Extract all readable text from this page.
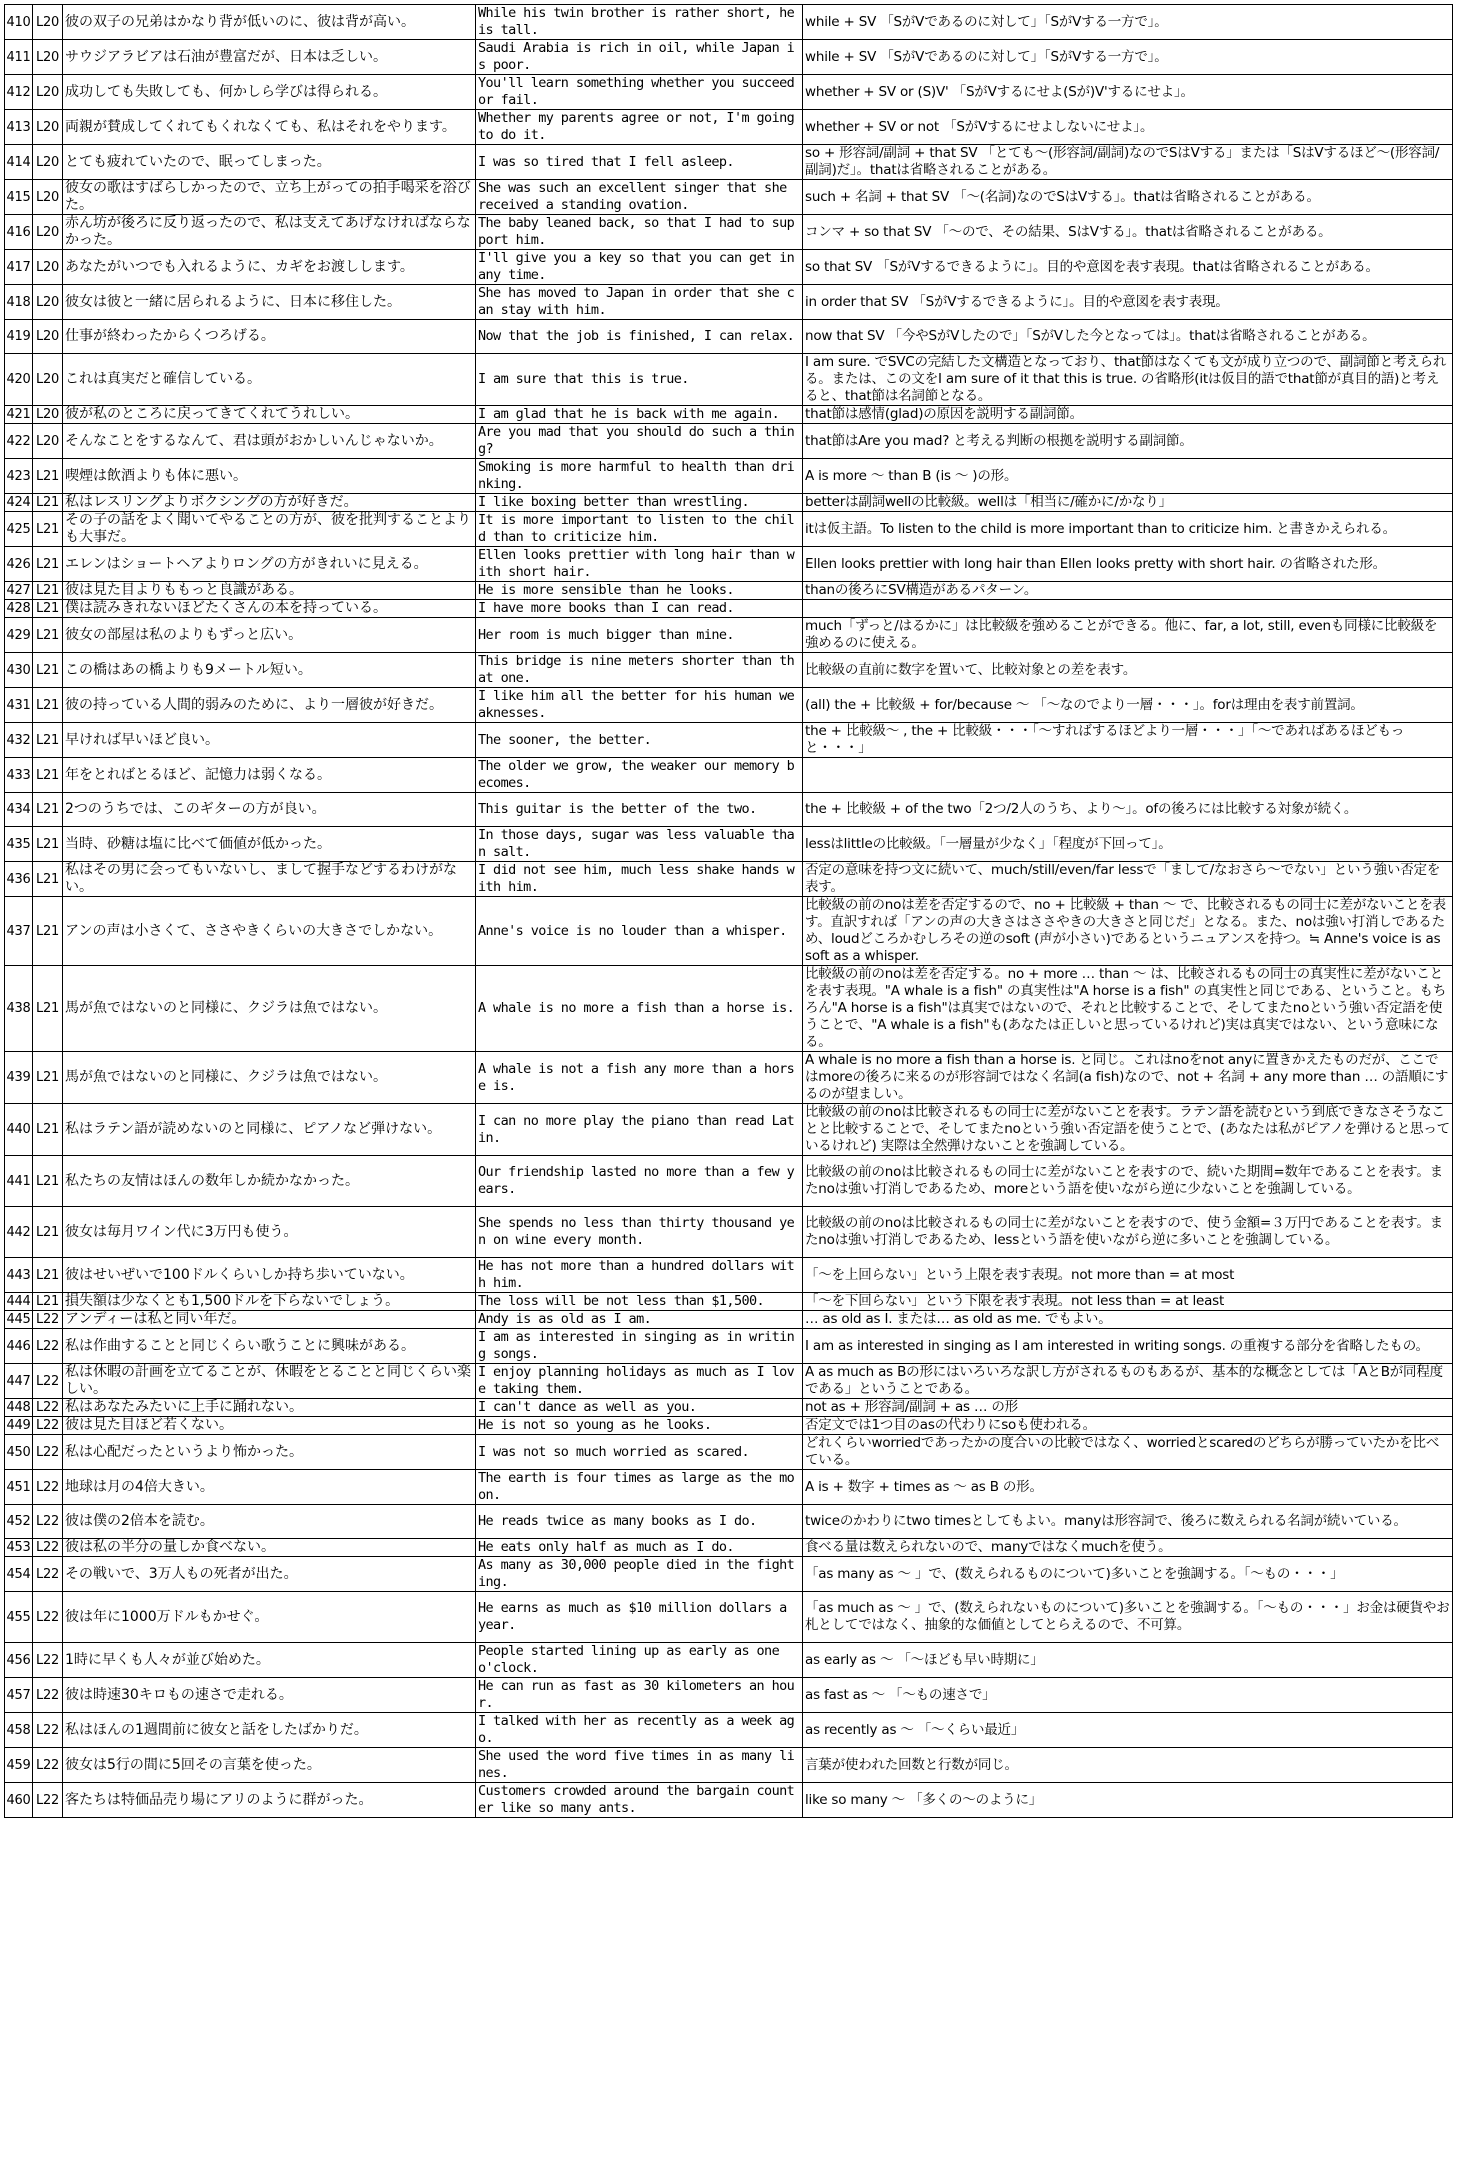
410	L20	彼の双子の兄弟はかなり背が低いのに、彼は背が高い。	While his twin brother is rather short, he is tall.	while + SV 「SがVであるのに対して」「SがVする一方で」。
411	L20	サウジアラビアは石油が豊富だが、日本は乏しい。	Saudi Arabia is rich in oil, while Japan is poor.	while + SV 「SがVであるのに対して」「SがVする一方で」。
412	L20	成功しても失敗しても、何かしら学びは得られる。	You'll learn something whether you succeed or fail.	whether + SV or (S)V' 「SがVするにせよ(Sが)V'するにせよ」。
413	L20	両親が賛成してくれてもくれなくても、私はそれをやります。	Whether my parents agree or not, I'm going to do it.	whether + SV or not 「SがVするにせよしないにせよ」。
414	L20	とても疲れていたので、眠ってしまった。	I was so tired that I fell asleep.	so + 形容詞/副詞 + that SV 「とても～(形容詞/副詞)なのでSはVする」または「SはVするほど～(形容詞/副詞)だ」。thatは省略されることがある。
415	L20	彼女の歌はすばらしかったので、立ち上がっての拍手喝采を浴びた。	She was such an excellent singer that she received a standing ovation.	such + 名詞 + that SV 「～(名詞)なのでSはVする」。thatは省略されることがある。
416	L20	赤ん坊が後ろに反り返ったので、私は支えてあげなければならなかった。	The baby leaned back, so that I had to support him.	コンマ + so that SV 「～ので、その結果、SはVする」。thatは省略されることがある。
417	L20	あなたがいつでも入れるように、カギをお渡しします。	I'll give you a key so that you can get in any time.	so that SV 「SがVするできるように」。目的や意図を表す表現。thatは省略されることがある。
418	L20	彼女は彼と一緒に居られるように、日本に移住した。	She has moved to Japan in order that she can stay with him.	in order that SV 「SがVするできるように」。目的や意図を表す表現。
419	L20	仕事が終わったからくつろげる。	Now that the job is finished, I can relax.	now that SV 「今やSがVしたので」「SがVした今となっては」。thatは省略されることがある。
420	L20	これは真実だと確信している。	I am sure that this is true.	I am sure. でSVCの完結した文構造となっており、that節はなくても文が成り立つので、副詞節と考えられる。または、この文をI am sure of it that this is true. の省略形(itは仮目的語でthat節が真目的語)と考えると、that節は名詞節となる。
421	L20	彼が私のところに戻ってきてくれてうれしい。	I am glad that he is back with me again.	that節は感情(glad)の原因を説明する副詞節。
422	L20	そんなことをするなんて、君は頭がおかしいんじゃないか。	Are you mad that you should do such a thing?	that節はAre you mad? と考える判断の根拠を説明する副詞節。
423	L21	喫煙は飲酒よりも体に悪い。	Smoking is more harmful to health than drinking.	A is more ～ than B (is ～ )の形。
424	L21	私はレスリングよりボクシングの方が好きだ。	I like boxing better than wrestling.	betterは副詞wellの比較級。wellは「相当に/確かに/かなり」
425	L21	その子の話をよく聞いてやることの方が、彼を批判することよりも大事だ。	It is more important to listen to the child than to criticize him.	itは仮主語。To listen to the child is more important than to criticize him. と書きかえられる。
426	L21	エレンはショートヘアよりロングの方がきれいに見える。	Ellen looks prettier with long hair than with short hair.	Ellen looks prettier with long hair than Ellen looks pretty with short hair. の省略された形。
427	L21	彼は見た目よりももっと良識がある。	He is more sensible than he looks.	thanの後ろにSV構造があるパターン。
428	L21	僕は読みきれないほどたくさんの本を持っている。	I have more books than I can read.	
429	L21	彼女の部屋は私のよりもずっと広い。	Her room is much bigger than mine.	much「ずっと/はるかに」は比較級を強めることができる。他に、far, a lot, still, evenも同様に比較級を強めるのに使える。
430	L21	この橋はあの橋よりも9メートル短い。	This bridge is nine meters shorter than that one.	比較級の直前に数字を置いて、比較対象との差を表す。
431	L21	彼の持っている人間的弱みのために、より一層彼が好きだ。	I like him all the better for his human weaknesses.	(all) the + 比較級 + for/because ～ 「～なのでより一層・・・」。forは理由を表す前置詞。
432	L21	早ければ早いほど良い。	The sooner, the better.	the + 比較級～ , the + 比較級・・・「～すればするほどより一層・・・」「～であればあるほどもっと・・・」
433	L21	年をとればとるほど、記憶力は弱くなる。	The older we grow, the weaker our memory becomes.	
434	L21	2つのうちでは、このギターの方が良い。	This guitar is the better of the two.	the + 比較級 + of the two「2つ/2人のうち、より～」。ofの後ろには比較する対象が続く。
435	L21	当時、砂糖は塩に比べて価値が低かった。	In those days, sugar was less valuable than salt.	lessはlittleの比較級。「一層量が少なく」「程度が下回って」。
436	L21	私はその男に会ってもいないし、まして握手などするわけがない。	I did not see him, much less shake hands with him.	否定の意味を持つ文に続いて、much/still/even/far lessで「まして/なおさら～でない」という強い否定を表す。
437	L21	アンの声は小さくて、ささやきくらいの大きさでしかない。	Anne's voice is no louder than a whisper.	比較級の前のnoは差を否定するので、no + 比較級 + than ～ で、比較されるもの同士に差がないことを表す。直訳すれば「アンの声の大きさはささやきの大きさと同じだ」となる。また、noは強い打消しであるため、loudどころかむしろその逆のsoft (声が小さい)であるというニュアンスを持つ。≒ Anne's voice is as soft as a whisper.
438	L21	馬が魚ではないのと同様に、クジラは魚ではない。	A whale is no more a fish than a horse is.	比較級の前のnoは差を否定する。no + more … than ～ は、比較されるもの同士の真実性に差がないことを表す表現。"A whale is a fish" の真実性は"A horse is a fish" の真実性と同じである、ということ。もちろん"A horse is a fish"は真実ではないので、それと比較することで、そしてまたnoという強い否定語を使うことで、"A whale is a fish"も(あなたは正しいと思っているけれど)実は真実ではない、という意味になる。
439	L21	馬が魚ではないのと同様に、クジラは魚ではない。	A whale is not a fish any more than a horse is.	A whale is no more a fish than a horse is. と同じ。これはnoをnot anyに置きかえたものだが、ここではmoreの後ろに来るのが形容詞ではなく名詞(a fish)なので、not + 名詞 + any more than … の語順にするのが望ましい。
440	L21	私はラテン語が読めないのと同様に、ピアノなど弾けない。	I can no more play the piano than read Latin.	比較級の前のnoは比較されるもの同士に差がないことを表す。ラテン語を読むという到底できなさそうなことと比較することで、そしてまたnoという強い否定語を使うことで、(あなたは私がピアノを弾けると思っているけれど) 実際は全然弾けないことを強調している。
441	L21	私たちの友情はほんの数年しか続かなかった。	Our friendship lasted no more than a few years.	比較級の前のnoは比較されるもの同士に差がないことを表すので、続いた期間=数年であることを表す。またnoは強い打消しであるため、moreという語を使いながら逆に少ないことを強調している。
442	L21	彼女は毎月ワイン代に3万円も使う。	She spends no less than thirty thousand yen on wine every month.	比較級の前のnoは比較されるもの同士に差がないことを表すので、使う金額=３万円であることを表す。またnoは強い打消しであるため、lessという語を使いながら逆に多いことを強調している。
443	L21	彼はせいぜいで100ドルくらいしか持ち歩いていない。	He has not more than a hundred dollars with him.	「～を上回らない」という上限を表す表現。not more than = at most
444	L21	損失額は少なくとも1,500ドルを下らないでしょう。	The loss will be not less than $1,500.	「～を下回らない」という下限を表す表現。not less than = at least
445	L22	アンディーは私と同い年だ。	Andy is as old as I am.	… as old as I. または… as old as me. でもよい。
446	L22	私は作曲することと同じくらい歌うことに興味がある。	I am as interested in singing as in writing songs.	I am as interested in singing as I am interested in writing songs. の重複する部分を省略したもの。
447	L22	私は休暇の計画を立てることが、休暇をとることと同じくらい楽しい。	I enjoy planning holidays as much as I love taking them.	A as much as Bの形にはいろいろな訳し方がされるものもあるが、基本的な概念としては「AとBが同程度である」ということである。
448	L22	私はあなたみたいに上手に踊れない。	I can't dance as well as you.	not as + 形容詞/副詞 + as … の形
449	L22	彼は見た目ほど若くない。	He is not so young as he looks.	否定文では1つ目のasの代わりにsoも使われる。
450	L22	私は心配だったというより怖かった。	I was not so much worried as scared.	どれくらいworriedであったかの度合いの比較ではなく、worriedとscaredのどちらが勝っていたかを比べている。
451	L22	地球は月の4倍大きい。	The earth is four times as large as the moon.	A is + 数字 + times as ～ as B の形。
452	L22	彼は僕の2倍本を読む。	He reads twice as many books as I do.	twiceのかわりにtwo timesとしてもよい。manyは形容詞で、後ろに数えられる名詞が続いている。
453	L22	彼は私の半分の量しか食べない。	He eats only half as much as I do.	食べる量は数えられないので、manyではなくmuchを使う。
454	L22	その戦いで、3万人もの死者が出た。	As many as 30,000 people died in the fighting.	「as many as ～ 」で、(数えられるものについて)多いことを強調する。「～もの・・・」
455	L22	彼は年に1000万ドルもかせぐ。	He earns as much as $10 million dollars a year.	「as much as ～ 」で、(数えられないものについて)多いことを強調する。「～もの・・・」お金は硬貨やお札としてではなく、抽象的な価値としてとらえるので、不可算。
456	L22	1時に早くも人々が並び始めた。	People started lining up as early as one o'clock.	as early as ～ 「～ほども早い時期に」
457	L22	彼は時速30キロもの速さで走れる。	He can run as fast as 30 kilometers an hour.	as fast as ～ 「～もの速さで」
458	L22	私はほんの1週間前に彼女と話をしたばかりだ。	I talked with her as recently as a week ago.	as recently as ～ 「～くらい最近」
459	L22	彼女は5行の間に5回その言葉を使った。	She used the word five times in as many lines.	言葉が使われた回数と行数が同じ。
460	L22	客たちは特価品売り場にアリのように群がった。	Customers crowded around the bargain counter like so many ants.	like so many ～ 「多くの～のように」
